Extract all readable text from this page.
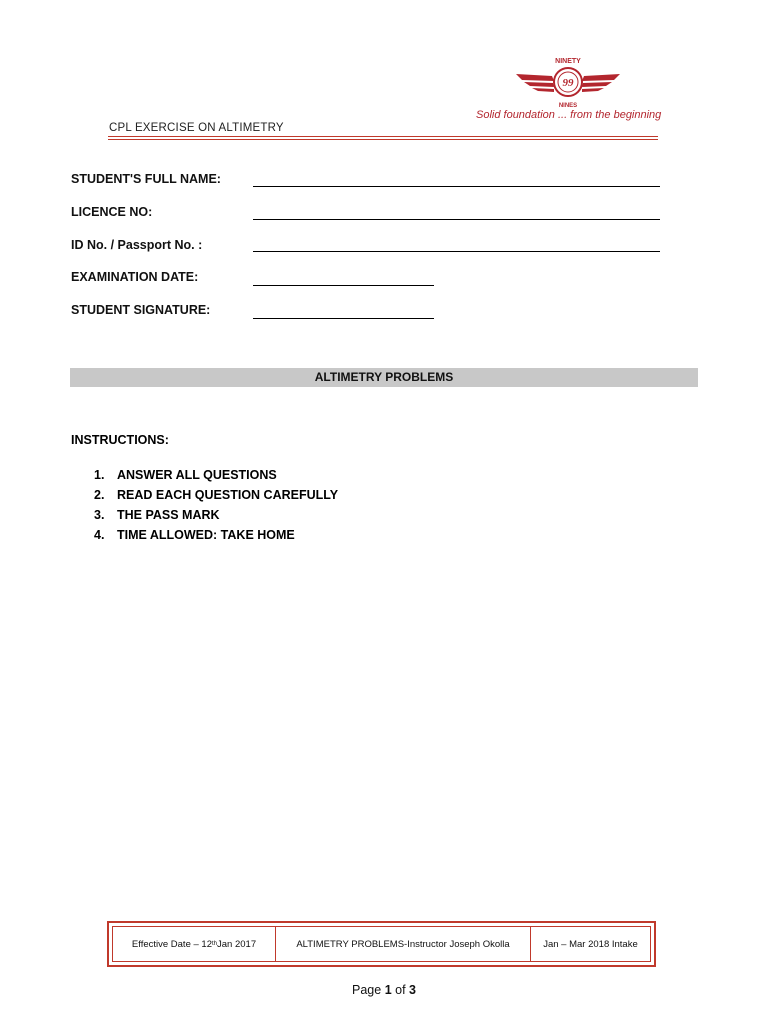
99
NINETY
NINES
Solid foundation ... from the beginning
CPL EXERCISE ON ALTIMETRY
STUDENT'S FULL NAME:
LICENCE NO:
ID No. / Passport No. :
EXAMINATION DATE:
STUDENT SIGNATURE:
ALTIMETRY PROBLEMS
INSTRUCTIONS:
1. ANSWER ALL QUESTIONS
2. READ EACH QUESTION CAREFULLY
3. THE PASS MARK
4. TIME ALLOWED: TAKE HOME
Effective Date – 12 th Jan 2017	ALTIMETRY PROBLEMS-Instructor Joseph Okolla	Jan – Mar 2018 Intake
Page 1 of 3
